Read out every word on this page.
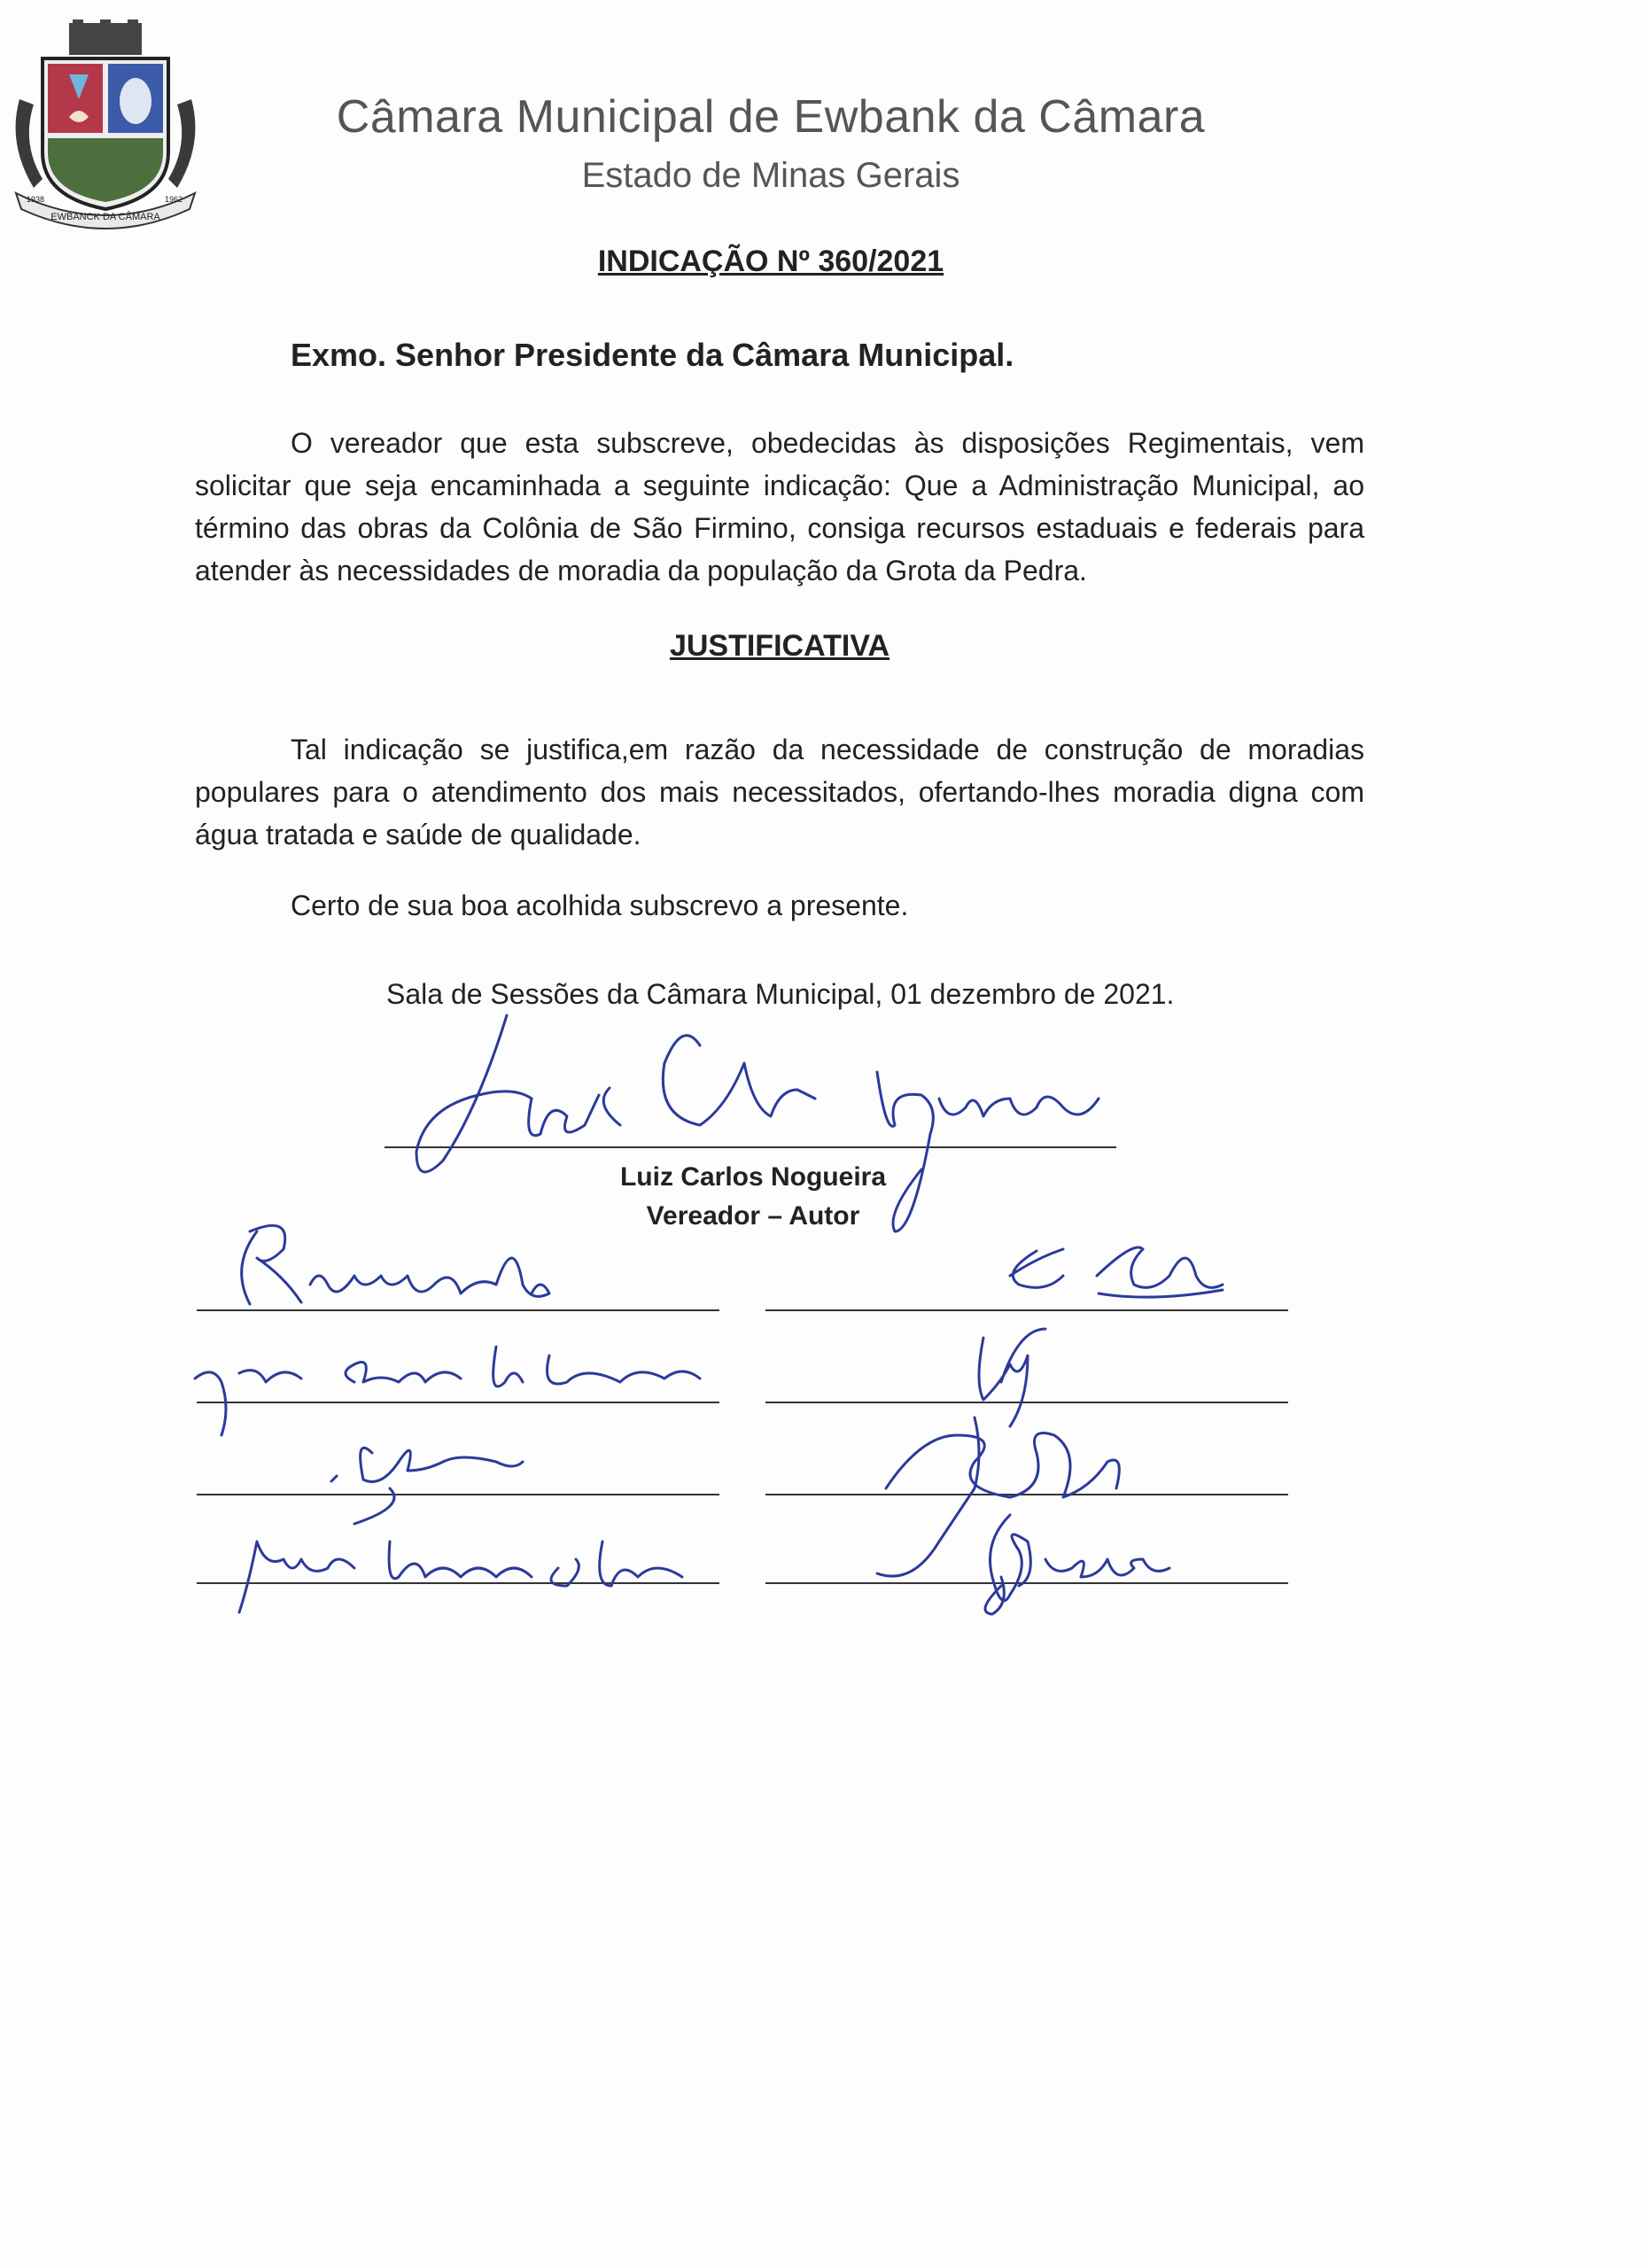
EWBANCK DA CÂMARA
1938	1962
Câmara Municipal de Ewbank da Câmara
Estado de Minas Gerais
INDICAÇÃO Nº 360/2021
Exmo. Senhor Presidente da Câmara Municipal.
O vereador que esta subscreve, obedecidas às disposições Regimentais, vem solicitar que seja encaminhada a seguinte indicação: Que a Administração Municipal, ao término das obras da Colônia de São Firmino, consiga recursos estaduais e federais para atender às necessidades de moradia da população da Grota da Pedra.
JUSTIFICATIVA
Tal indicação se justifica,em razão da necessidade de construção de moradias populares para o atendimento dos mais necessitados, ofertando-lhes moradia digna com água tratada e saúde de qualidade.
Certo de sua boa acolhida subscrevo a presente.
Sala de Sessões da Câmara Municipal, 01 dezembro de 2021.
Luiz Carlos Nogueira
Vereador – Autor
